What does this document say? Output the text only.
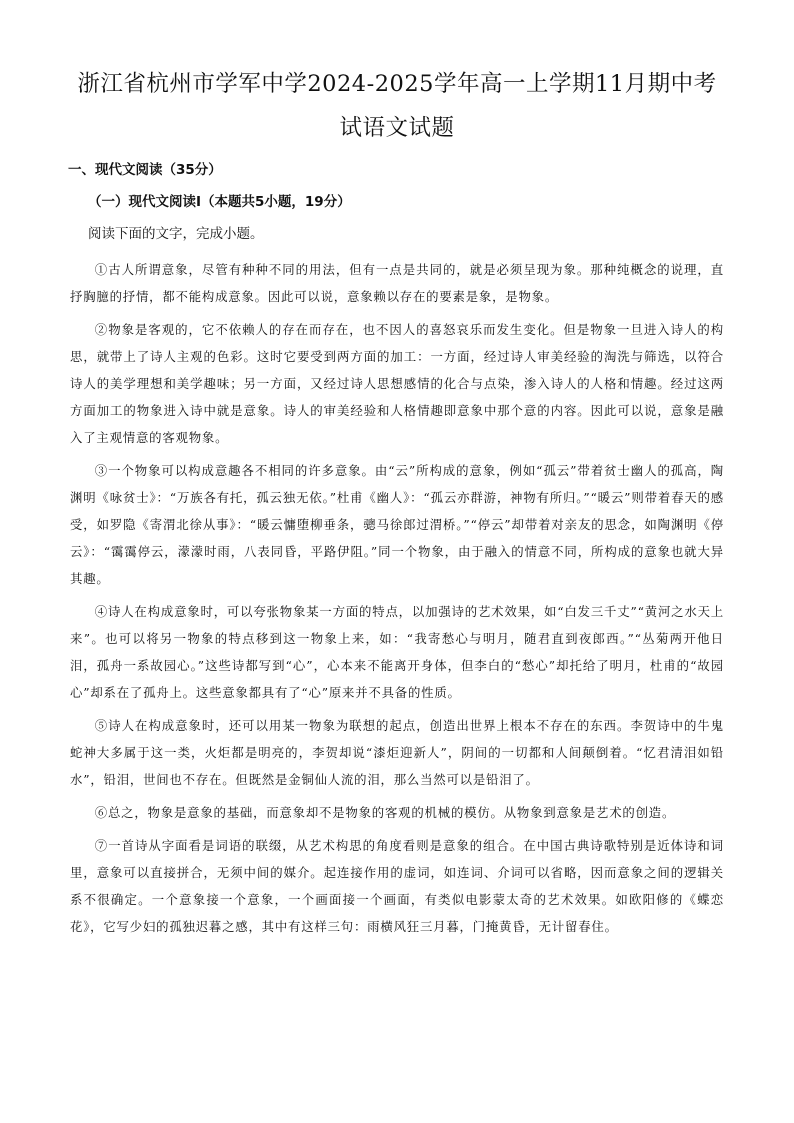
浙江省杭州市学军中学2024-2025学年高一上学期11月期中考
试语文试题
一、现代文阅读（35分）
（一）现代文阅读Ⅰ（本题共5小题，19分）
阅读下面的文字，完成小题。

①古人所谓意象，尽管有种种不同的用法，但有一点是共同的，就是必须呈现为象。那种纯概念的说理，直抒胸臆的抒情，都不能构成意象。因此可以说，意象赖以存在的要素是象，是物象。

②物象是客观的，它不依赖人的存在而存在，也不因人的喜怒哀乐而发生变化。但是物象一旦进入诗人的构思，就带上了诗人主观的色彩。这时它要受到两方面的加工：一方面，经过诗人审美经验的淘洗与筛选，以符合诗人的美学理想和美学趣味；另一方面，又经过诗人思想感情的化合与点染，渗入诗人的人格和情趣。经过这两方面加工的物象进入诗中就是意象。诗人的审美经验和人格情趣即意象中那个意的内容。因此可以说，意象是融入了主观情意的客观物象。

③一个物象可以构成意趣各不相同的许多意象。由“云”所构成的意象，例如“孤云”带着贫士幽人的孤高，陶渊明《咏贫士》：“万族各有托，孤云独无依。”杜甫《幽人》：“孤云亦群游，神物有所归。”“暖云”则带着春天的感受，如罗隐《寄渭北徐从事》：“暖云慵堕柳垂条，骢马徐郎过渭桥。”“停云”却带着对亲友的思念，如陶渊明《停云》：“霭霭停云，濛濛时雨，八表同昏，平路伊阻。”同一个物象，由于融入的情意不同，所构成的意象也就大异其趣。

④诗人在构成意象时，可以夸张物象某一方面的特点，以加强诗的艺术效果，如“白发三千丈”“黄河之水天上来”。也可以将另一物象的特点移到这一物象上来，如：“我寄愁心与明月，随君直到夜郎西。”“丛菊两开他日泪，孤舟一系故园心。”这些诗都写到“心”，心本来不能离开身体，但李白的“愁心”却托给了明月，杜甫的“故园心”却系在了孤舟上。这些意象都具有了“心”原来并不具备的性质。

⑤诗人在构成意象时，还可以用某一物象为联想的起点，创造出世界上根本不存在的东西。李贺诗中的牛鬼蛇神大多属于这一类，火炬都是明亮的，李贺却说“漆炬迎新人”，阴间的一切都和人间颠倒着。“忆君清泪如铅水”，铅泪，世间也不存在。但既然是金铜仙人流的泪，那么当然可以是铅泪了。

⑥总之，物象是意象的基础，而意象却不是物象的客观的机械的模仿。从物象到意象是艺术的创造。

⑦一首诗从字面看是词语的联缀，从艺术构思的角度看则是意象的组合。在中国古典诗歌特别是近体诗和词里，意象可以直接拼合，无须中间的媒介。起连接作用的虚词，如连词、介词可以省略，因而意象之间的逻辑关系不很确定。一个意象接一个意象，一个画面接一个画面，有类似电影蒙太奇的艺术效果。如欧阳修的《蝶恋花》，它写少妇的孤独迟暮之感，其中有这样三句：雨横风狂三月暮，门掩黄昏，无计留春住。
